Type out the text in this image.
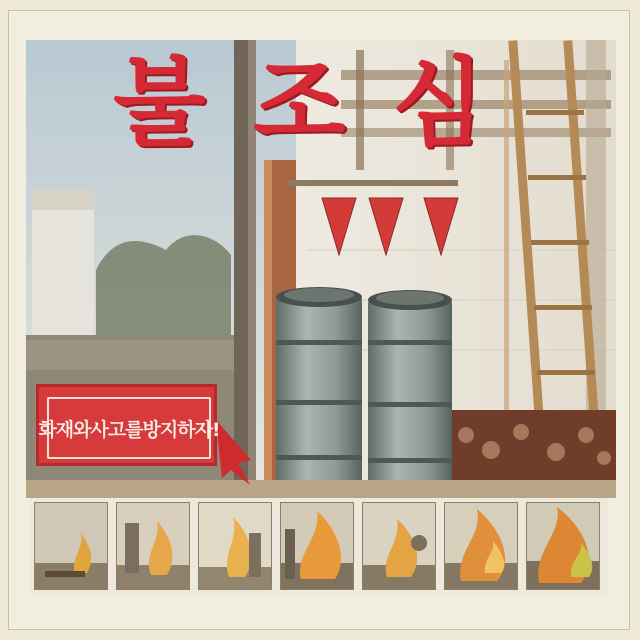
불 조 심
화재와사고를방지하자!
